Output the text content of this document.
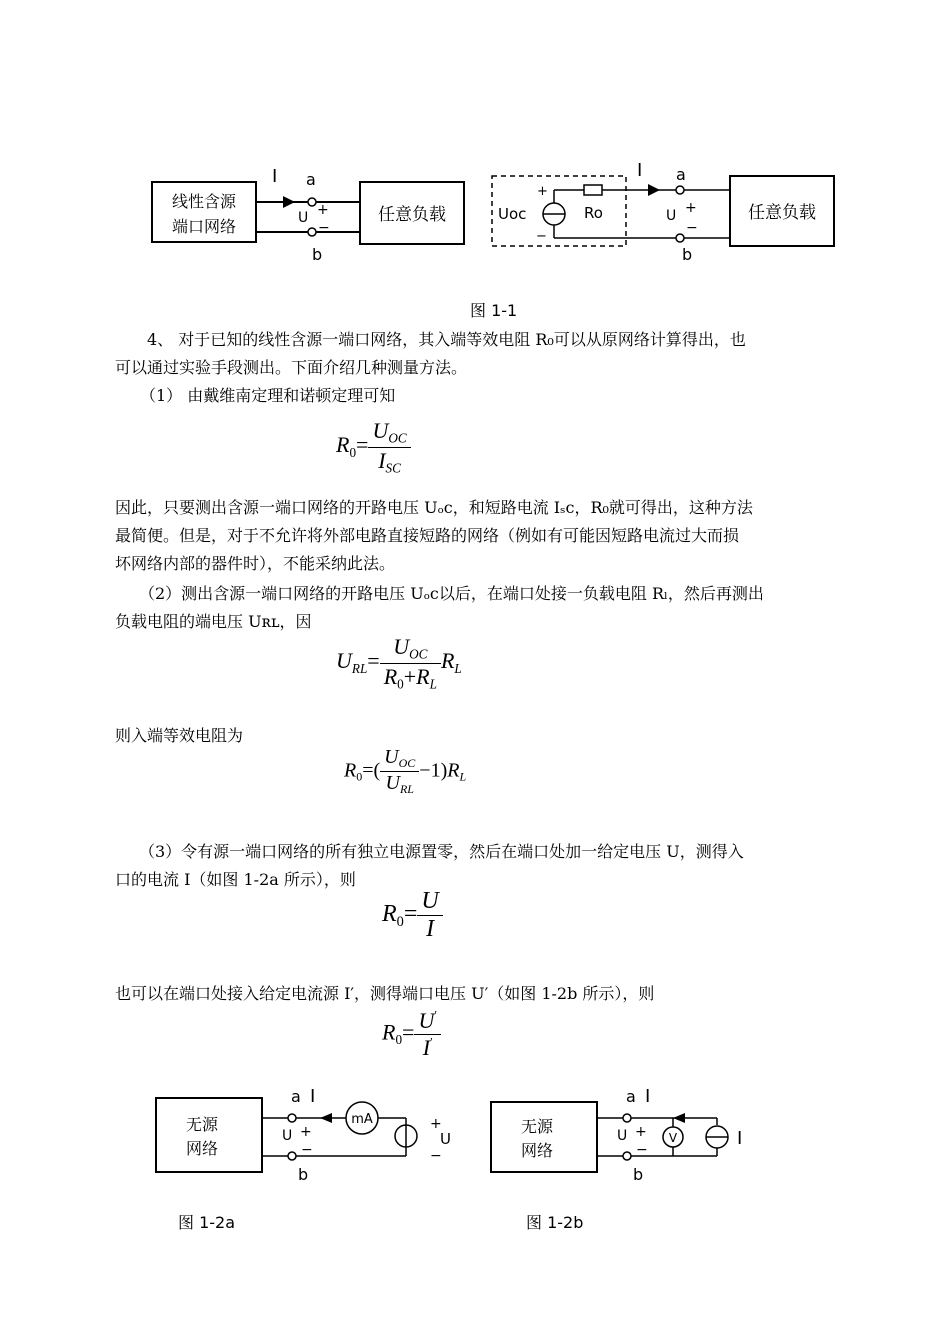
线性含源
端口网络
I a
b
U +
−
任意负载	Uoc
+
−
Ro
I a
b
U +
−
任意负载
图 1-1
4、 对于已知的线性含源一端口网络，其入端等效电阻 R₀可以从原网络计算得出，也
可以通过实验手段测出。下面介绍几种测量方法。
（1） 由戴维南定理和诺顿定理可知
$R_0= \frac{U_{OC}}{I_{SC}}$
因此，只要测出含源一端口网络的开路电压 Uₒc，和短路电流 Iₛc，R₀就可得出，这种方法
最简便。但是，对于不允许将外部电路直接短路的网络（例如有可能因短路电流过大而损
坏网络内部的器件时），不能采纳此法。
（2）测出含源一端口网络的开路电压 Uₒc以后，在端口处接一负载电阻 Rₗ，然后再测出
负载电阻的端电压 Uʀʟ，因
$U_{RL}= \frac{U_{OC}}{R_0+R_L} R_L$
则入端等效电阻为
$R_0=( \frac{U_{OC}}{U_{RL}} -1)R_L$
（3）令有源一端口网络的所有独立电源置零，然后在端口处加一给定电压 U，测得入
口的电流 I（如图 1-2a 所示），则
$R_0= \frac{U}{I}$
也可以在端口处接入给定电流源 I′，测得端口电压 U′（如图 1-2b 所示），则
$R_0= \frac{U'}{I'}$
无源
网络
a I
b
U +
−
mA	+
U
−
图 1-2a
无源
网络
a I
b
U +
−
V	I
图 1-2b
